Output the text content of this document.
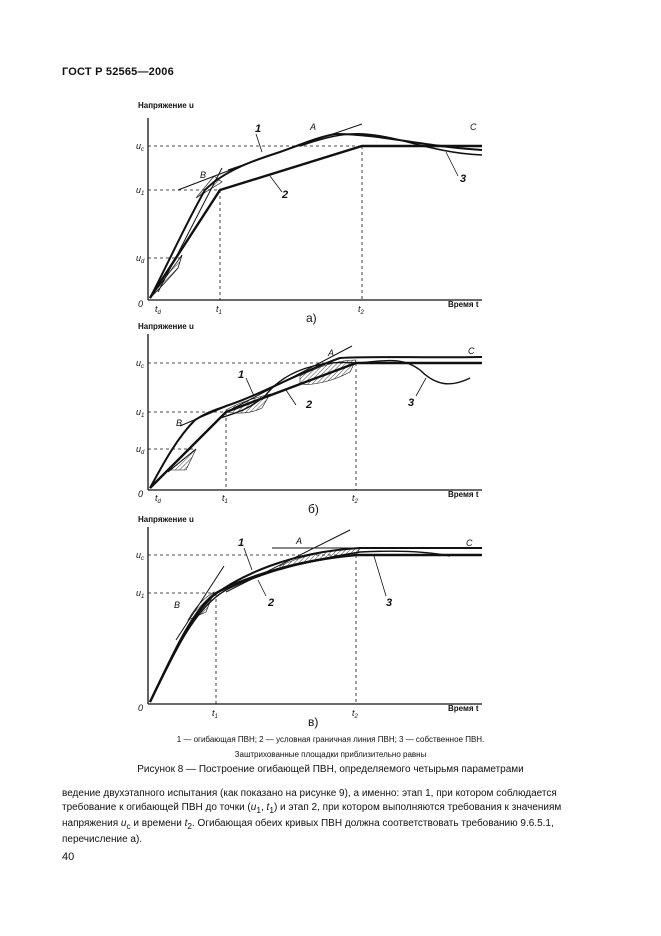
ГОСТ Р 52565—2006
Напряжение u
Время t
$u_c$
$u_1$
$u_d$
0 $t_d$	$t_1$	$t_2$
1
2
3
A
B
C
а)
Напряжение u
Время t
$u_c$
$u_1$
$u_d$
0 $t_d$	$t_1$	$t_2$
1
2	3
A
B
C
б)
Напряжение u
Время t
$u_c$
$u_1$
0	$t_1$	$t_2$
1
2	3
A
B
C
в)
1 — огибающая ПВН; 2 — условная граничная линия ПВН; 3 — собственное ПВН.
Заштрихованные площадки приблизительно равны
Рисунок 8 — Построение огибающей ПВН, определяемого четырьмя параметрами
ведение двухэтапного испытания (как показано на рисунке 9), а именно: этап 1, при котором соблюдается требование к огибающей ПВН до точки ($u_1$, $t_1$) и этап 2, при котором выполняются требования к значениям напряжения $u_c$ и времени $t_2$. Огибающая обеих кривых ПВН должна соответствовать требованию 9.6.5.1, перечисление а).
40
